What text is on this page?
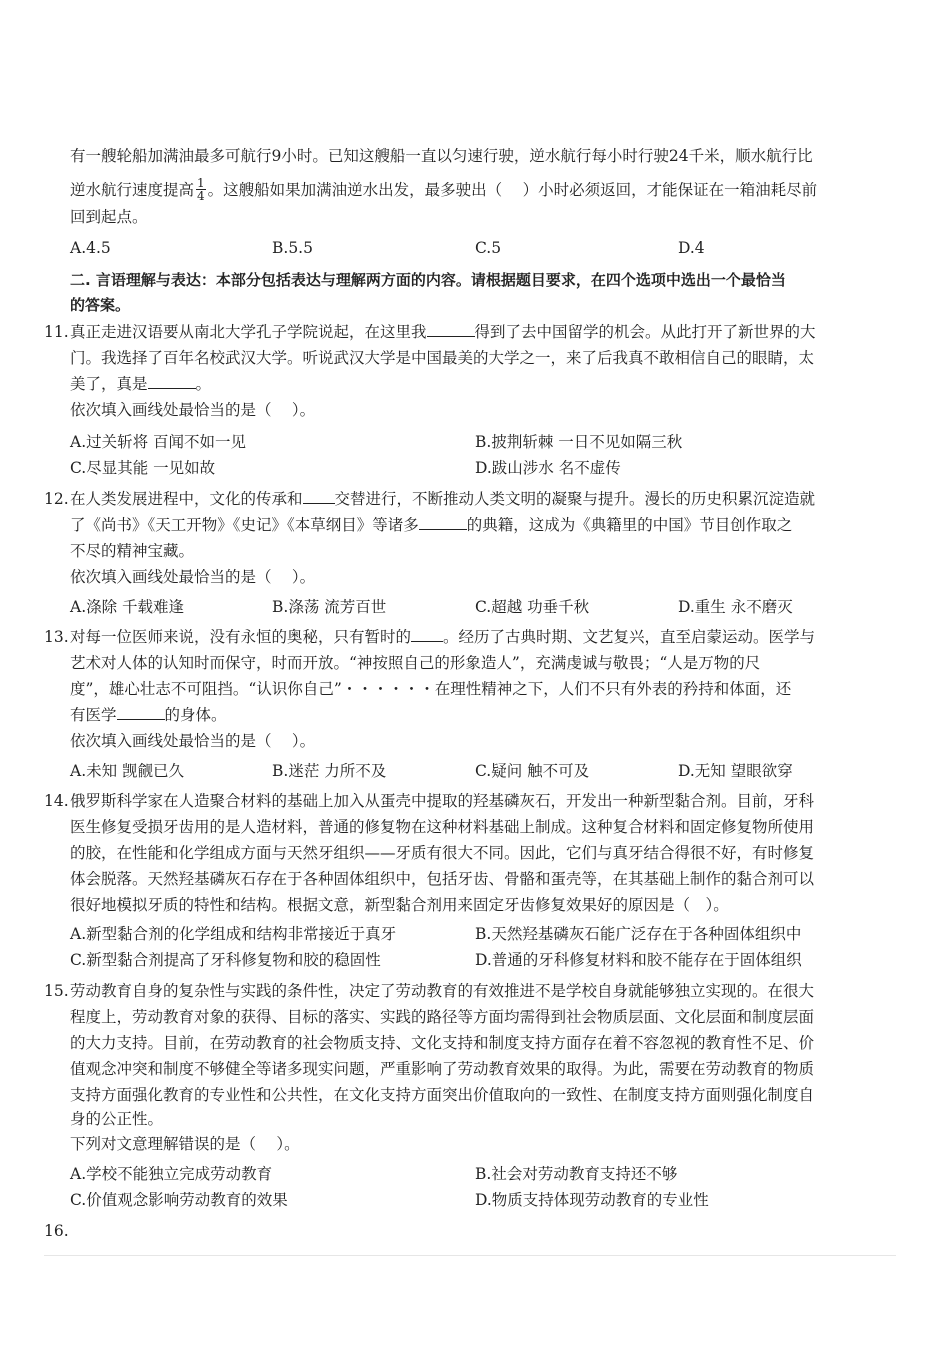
有一艘轮船加满油最多可航行9小时。已知这艘船一直以匀速行驶，逆水航行每小时行驶24千米，顺水航行比
逆水航行速度提高 $\frac{1}{4}$ 。这艘船如果加满油逆水出发，最多驶出（　 ）小时必须返回，才能保证在一箱油耗尽前
回到起点。
A.4.5	B.5.5	C.5	D.4
二. 言语理解与表达：本部分包括表达与理解两方面的内容。请根据题目要求，在四个选项中选出一个最恰当
的答案。
11. 真正走进汉语要从南北大学孔子学院说起，在这里我	得到了去中国留学的机会。从此打开了新世界的大
门。我选择了百年名校武汉大学。听说武汉大学是中国最美的大学之一，来了后我真不敢相信自己的眼睛，太
美了，真是	。
依次填入画线处最恰当的是（　 ）。
A.过关斩将 百闻不如一见	B.披荆斩棘 一日不见如隔三秋
C.尽显其能 一见如故	D.跋山涉水 名不虚传
12. 在人类发展进程中，文化的传承和 交替进行，不断推动人类文明的凝聚与提升。漫长的历史积累沉淀造就
了《尚书》《天工开物》《史记》《本草纲目》等诸多	的典籍，这成为《典籍里的中国》节目创作取之
不尽的精神宝藏。
依次填入画线处最恰当的是（　 ）。
A.涤除 千载难逢	B.涤荡 流芳百世	C.超越 功垂千秋	D.重生 永不磨灭
13. 对每一位医师来说，没有永恒的奥秘，只有暂时的 。经历了古典时期、文艺复兴，直至启蒙运动。医学与
艺术对人体的认知时而保守，时而开放。“神按照自己的形象造人”，充满虔诚与敬畏；“人是万物的尺
度”，雄心壮志不可阻挡。“认识你自己”・・・・・・在理性精神之下，人们不只有外表的矜持和体面，还
有医学	的身体。
依次填入画线处最恰当的是（　 ）。
A.未知 觊觎已久	B.迷茫 力所不及	C.疑问 触不可及	D.无知 望眼欲穿
14. 俄罗斯科学家在人造聚合材料的基础上加入从蛋壳中提取的羟基磷灰石，开发出一种新型黏合剂。目前，牙科
医生修复受损牙齿用的是人造材料，普通的修复物在这种材料基础上制成。这种复合材料和固定修复物所使用
的胶，在性能和化学组成方面与天然牙组织——牙质有很大不同。因此，它们与真牙结合得很不好，有时修复
体会脱落。天然羟基磷灰石存在于各种固体组织中，包括牙齿、骨骼和蛋壳等，在其基础上制作的黏合剂可以
很好地模拟牙质的特性和结构。根据文意，新型黏合剂用来固定牙齿修复效果好的原因是（　）。
A.新型黏合剂的化学组成和结构非常接近于真牙	B.天然羟基磷灰石能广泛存在于各种固体组织中
C.新型黏合剂提高了牙科修复物和胶的稳固性	D.普通的牙科修复材料和胶不能存在于固体组织
15. 劳动教育自身的复杂性与实践的条件性，决定了劳动教育的有效推进不是学校自身就能够独立实现的。在很大
程度上，劳动教育对象的获得、目标的落实、实践的路径等方面均需得到社会物质层面、文化层面和制度层面
的大力支持。目前，在劳动教育的社会物质支持、文化支持和制度支持方面存在着不容忽视的教育性不足、价
值观念冲突和制度不够健全等诸多现实问题，严重影响了劳动教育效果的取得。为此，需要在劳动教育的物质
支持方面强化教育的专业性和公共性，在文化支持方面突出价值取向的一致性、在制度支持方面则强化制度自
身的公正性。
下列对文意理解错误的是（　 ）。
A.学校不能独立完成劳动教育	B.社会对劳动教育支持还不够
C.价值观念影响劳动教育的效果	D.物质支持体现劳动教育的专业性
16.
